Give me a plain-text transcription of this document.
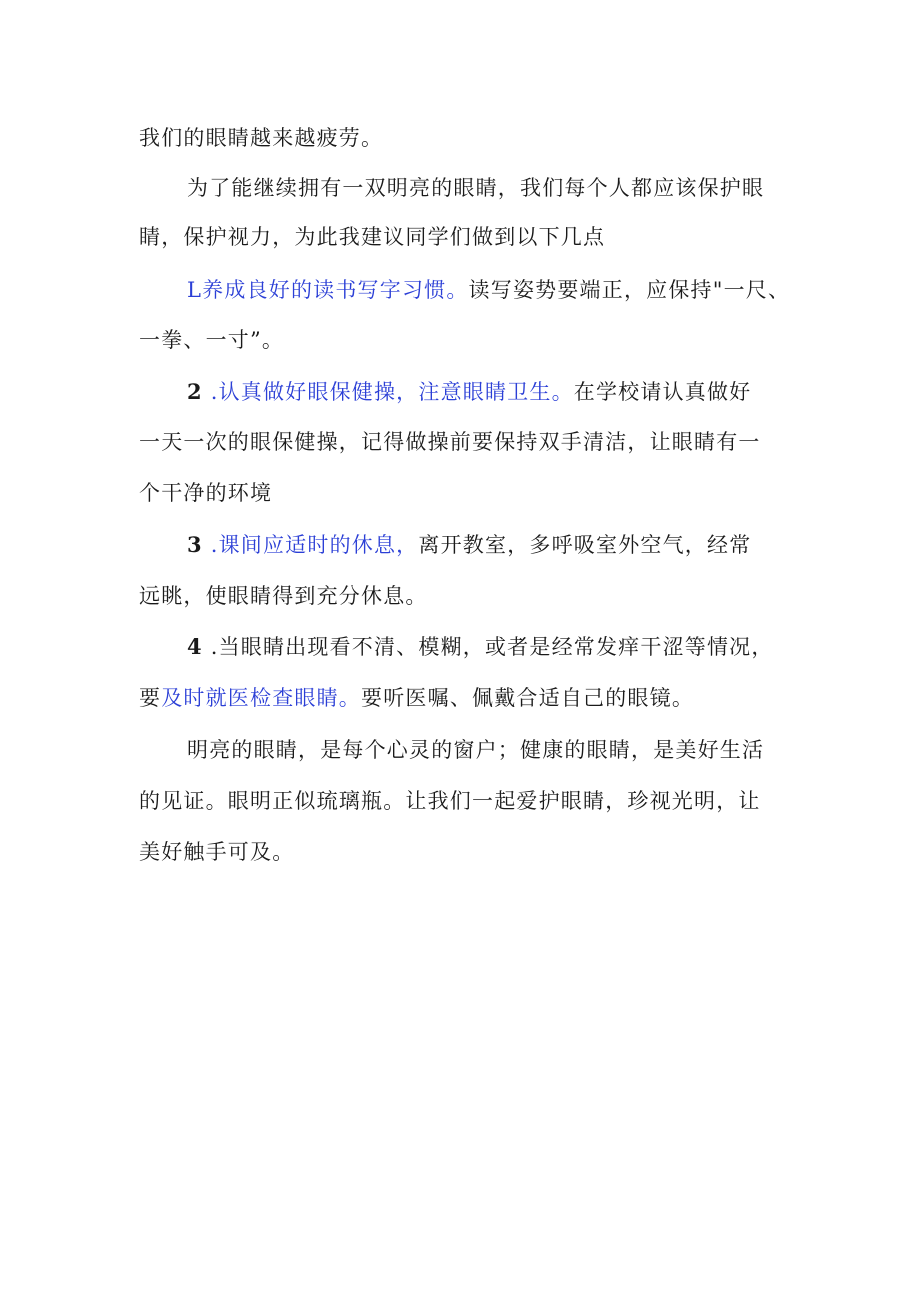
我们的眼睛越来越疲劳。
为了能继续拥有一双明亮的眼睛，我们每个人都应该保护眼
睛，保护视力，为此我建议同学们做到以下几点
L养成良好的读书写字习惯。读写姿势要端正，应保持"一尺、
一拳、一寸”。
2 .认真做好眼保健操，注意眼睛卫生。在学校请认真做好
一天一次的眼保健操，记得做操前要保持双手清洁，让眼睛有一
个干净的环境
3 .课间应适时的休息，离开教室，多呼吸室外空气，经常
远眺，使眼睛得到充分休息。
4 .当眼睛出现看不清、模糊，或者是经常发痒干涩等情况，
要及时就医检查眼睛。要听医嘱、佩戴合适自己的眼镜。
明亮的眼睛，是每个心灵的窗户；健康的眼睛，是美好生活
的见证。眼明正似琉璃瓶。让我们一起爱护眼睛，珍视光明，让
美好触手可及。
